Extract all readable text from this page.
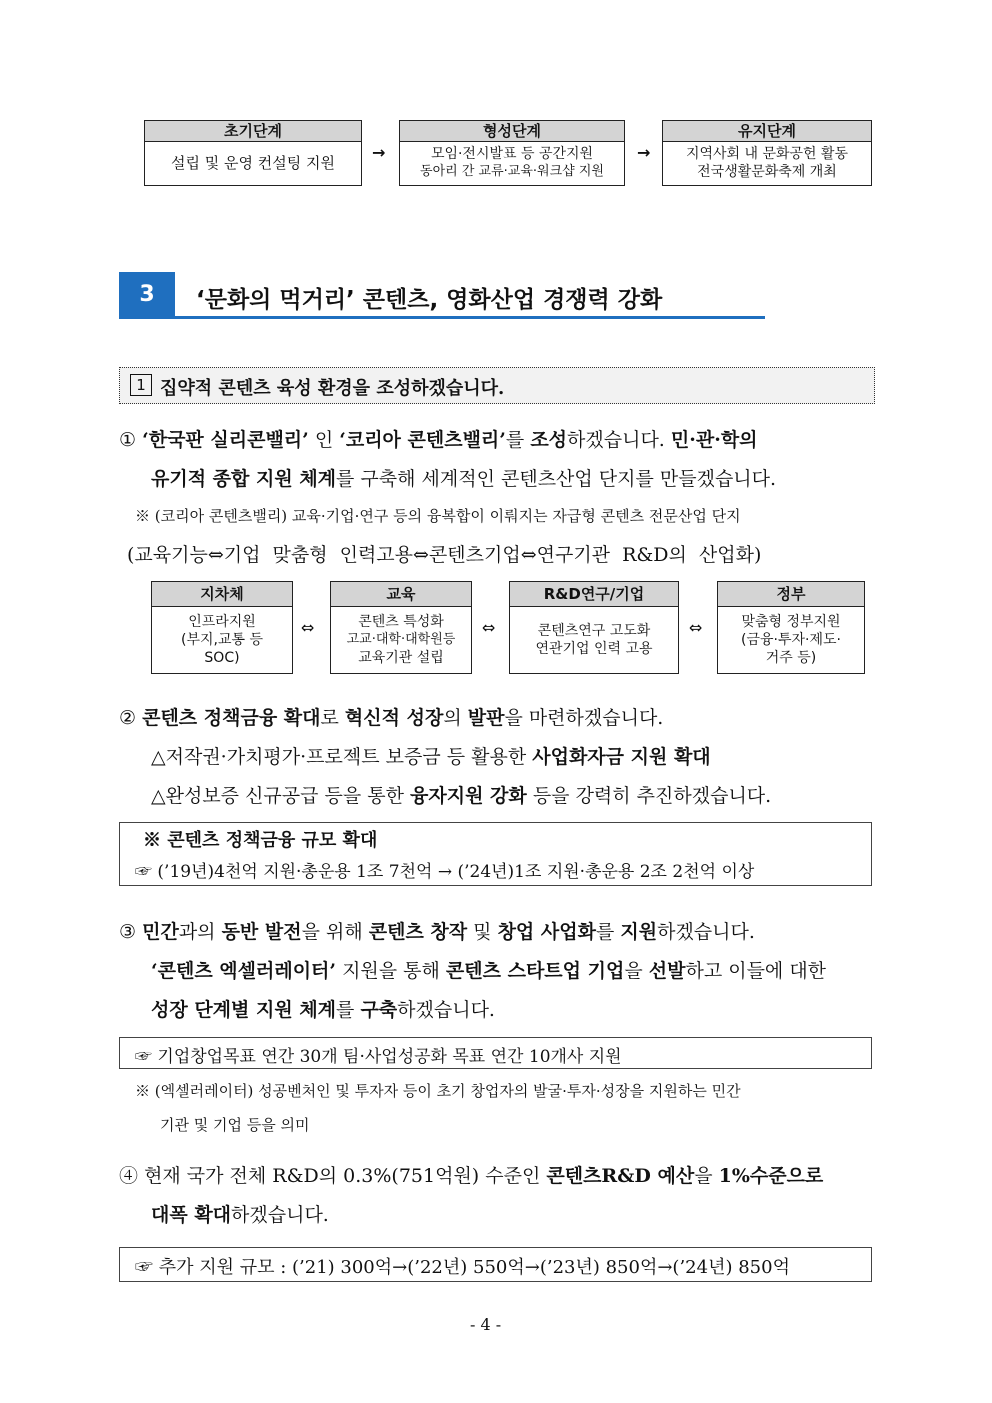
초기단계
설립 및 운영 컨설팅 지원
→
형성단계
모임·전시발표 등 공간지원
동아리 간 교류·교육·워크샵 지원
→
유지단계
지역사회 내 문화공헌 활동
전국생활문화축제 개최
3	‘문화의 먹거리’ 콘텐츠, 영화산업 경쟁력 강화
1 집약적 콘텐츠 육성 환경을 조성하겠습니다.
① ‘한국판 실리콘밸리’ 인 ‘코리아 콘텐츠밸리’를 조성하겠습니다. 민·관·학의
유기적 종합 지원 체계를 구축해 세계적인 콘텐츠산업 단지를 만들겠습니다.
※ (코리아 콘텐츠밸리) 교육·기업·연구 등의 융복합이 이뤄지는 자급형 콘텐츠 전문산업 단지
(교육기능⇔기업 맞춤형 인력고용⇔콘텐츠기업⇔연구기관 R&D의 산업화)
지차체
인프라지원
(부지,교통 등
SOC)
⇔
교육
콘텐츠 특성화
고교·대학·대학원등
교육기관 설립
⇔
R&D연구/기업
콘텐츠연구 고도화
연관기업 인력 고용
⇔
정부
맞춤형 정부지원
(금융·투자·제도·
거주 등)
② 콘텐츠 정책금융 확대로 혁신적 성장의 발판을 마련하겠습니다.
△저작권·가치평가·프로젝트 보증금 등 활용한 사업화자금 지원 확대
△완성보증 신규공급 등을 통한 융자지원 강화 등을 강력히 추진하겠습니다.
※ 콘텐츠 정책금융 규모 확대
☞ (’19년)4천억 지원·총운용 1조 7천억 → (’24년)1조 지원·총운용 2조 2천억 이상
③ 민간과의 동반 발전을 위해 콘텐츠 창작 및 창업 사업화를 지원하겠습니다.
‘콘텐츠 엑셀러레이터’ 지원을 통해 콘텐츠 스타트업 기업을 선발하고 이들에 대한
성장 단계별 지원 체계를 구축하겠습니다.
☞ 기업창업목표 연간 30개 팀·사업성공화 목표 연간 10개사 지원
※ (엑셀러레이터) 성공벤처인 및 투자자 등이 초기 창업자의 발굴·투자·성장을 지원하는 민간
기관 및 기업 등을 의미
④ 현재 국가 전체 R&D의 0.3%(751억원) 수준인 콘텐츠R&D 예산을 1%수준으로
대폭 확대하겠습니다.
☞ 추가 지원 규모 : (’21) 300억→(’22년) 550억→(’23년) 850억→(’24년) 850억
- 4 -
